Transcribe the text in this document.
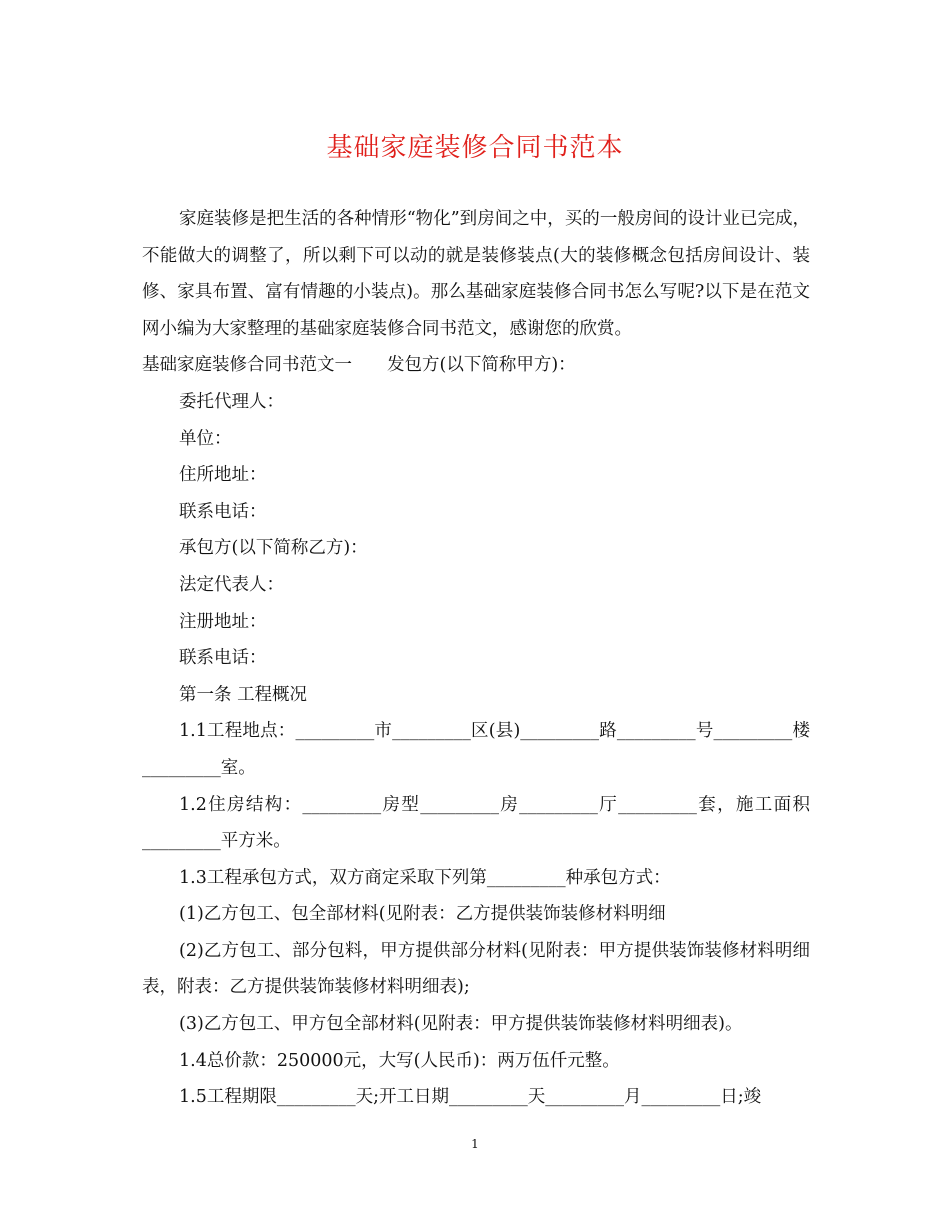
基础家庭装修合同书范本

家庭装修是把生活的各种情形“物化”到房间之中，买的一般房间的设计业已完成，不能做大的调整了，所以剩下可以动的就是装修装点(大的装修概念包括房间设计、装修、家具布置、富有情趣的小装点)。那么基础家庭装修合同书怎么写呢?以下是在范文网小编为大家整理的基础家庭装修合同书范文，感谢您的欣赏。

基础家庭装修合同书范文一　　发包方(以下简称甲方)：

委托代理人：

单位：

住所地址：

联系电话：

承包方(以下简称乙方)：

法定代表人：

注册地址：

联系电话：

第一条 工程概况

1.1工程地点：_________市_________区(县)_________路_________号_________楼_________室。

1.2住房结构：_________房型_________房_________厅_________套，施工面积_________平方米。

1.3工程承包方式，双方商定采取下列第_________种承包方式：

(1)乙方包工、包全部材料(见附表：乙方提供装饰装修材料明细

(2)乙方包工、部分包料，甲方提供部分材料(见附表：甲方提供装饰装修材料明细表，附表：乙方提供装饰装修材料明细表);

(3)乙方包工、甲方包全部材料(见附表：甲方提供装饰装修材料明细表)。

1.4总价款：250000元，大写(人民币)：两万伍仟元整。

1.5工程期限_________天;开工日期_________天_________月_________日;竣

1
